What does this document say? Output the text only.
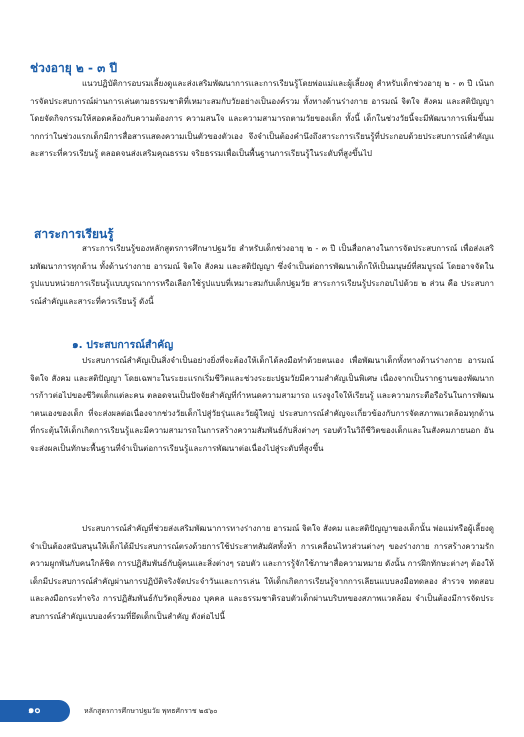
ช่วงอายุ ๒ - ๓ ปี

แนวปฏิบัติการอบรมเลี้ยงดูและส่งเสริมพัฒนาการและการเรียนรู้โดยพ่อแม่และผู้เลี้ยงดู สำหรับเด็กช่วงอายุ ๒ - ๓ ปี เน้นการจัดประสบการณ์ผ่านการเล่นตามธรรมชาติที่เหมาะสมกับวัยอย่างเป็นองค์รวม ทั้งทางด้านร่างกาย อารมณ์ จิตใจ สังคม และสติปัญญา โดยจัดกิจกรรมให้สอดคล้องกับความต้องการ ความสนใจ และความสามารถตามวัยของเด็ก ทั้งนี้ เด็กในช่วงวัยนี้จะมีพัฒนาการเพิ่มขึ้นมากกว่าในช่วงแรกเด็กมีการสื่อสารแสดงความเป็นตัวของตัวเอง จึงจำเป็นต้องคำนึงถึงสาระการเรียนรู้ที่ประกอบด้วยประสบการณ์สำคัญและสาระที่ควรเรียนรู้ ตลอดจนส่งเสริมคุณธรรม จริยธรรมเพื่อเป็นพื้นฐานการเรียนรู้ในระดับที่สูงขึ้นไป

สาระการเรียนรู้

สาระการเรียนรู้ของหลักสูตรการศึกษาปฐมวัย สำหรับเด็กช่วงอายุ ๒ - ๓ ปี เป็นสื่อกลางในการจัดประสบการณ์ เพื่อส่งเสริมพัฒนาการทุกด้าน ทั้งด้านร่างกาย อารมณ์ จิตใจ สังคม และสติปัญญา ซึ่งจำเป็นต่อการพัฒนาเด็กให้เป็นมนุษย์ที่สมบูรณ์ โดยอาจจัดในรูปแบบหน่วยการเรียนรู้แบบบูรณาการหรือเลือกใช้รูปแบบที่เหมาะสมกับเด็กปฐมวัย สาระการเรียนรู้ประกอบไปด้วย ๒ ส่วน คือ ประสบการณ์สำคัญและสาระที่ควรเรียนรู้ ดังนี้

๑. ประสบการณ์สำคัญ

ประสบการณ์สำคัญเป็นสิ่งจำเป็นอย่างยิ่งที่จะต้องให้เด็กได้ลงมือทำด้วยตนเอง เพื่อพัฒนาเด็กทั้งทางด้านร่างกาย อารมณ์ จิตใจ สังคม และสติปัญญา โดยเฉพาะในระยะแรกเริ่มชีวิตและช่วงระยะปฐมวัยมีความสำคัญเป็นพิเศษ เนื่องจากเป็นรากฐานของพัฒนาการก้าวต่อไปของชีวิตเด็กแต่ละคน ตลอดจนเป็นปัจจัยสำคัญที่กำหนดความสามารถ แรงจูงใจให้เรียนรู้ และความกระตือรือร้นในการพัฒนาตนเองของเด็ก ที่จะส่งผลต่อเนื่องจากช่วงวัยเด็กไปสู่วัยรุ่นและวัยผู้ใหญ่ ประสบการณ์สำคัญจะเกี่ยวข้องกับการจัดสภาพแวดล้อมทุกด้านที่กระตุ้นให้เด็กเกิดการเรียนรู้และมีความสามารถในการสร้างความสัมพันธ์กับสิ่งต่างๆ รอบตัวในวิถีชีวิตของเด็กและในสังคมภายนอก อันจะส่งผลเป็นทักษะพื้นฐานที่จำเป็นต่อการเรียนรู้และการพัฒนาต่อเนื่องไปสู่ระดับที่สูงขึ้น

ประสบการณ์สำคัญที่ช่วยส่งเสริมพัฒนาการทางร่างกาย อารมณ์ จิตใจ สังคม และสติปัญญาของเด็กนั้น พ่อแม่หรือผู้เลี้ยงดูจำเป็นต้องสนับสนุนให้เด็กได้มีประสบการณ์ตรงด้วยการใช้ประสาทสัมผัสทั้งห้า การเคลื่อนไหวส่วนต่างๆ ของร่างกาย การสร้างความรัก ความผูกพันกับคนใกล้ชิด การปฏิสัมพันธ์กับผู้คนและสิ่งต่างๆ รอบตัว และการรู้จักใช้ภาษาสื่อความหมาย ดังนั้น การฝึกทักษะต่างๆ ต้องให้เด็กมีประสบการณ์สำคัญผ่านการปฏิบัติจริงจัดประจำวันและการเล่น ให้เด็กเกิดการเรียนรู้จากการเลียนแบบลงมือทดลอง สำรวจ ทดสอบ และลงมือกระทำจริง การปฏิสัมพันธ์กับวัตถุสิ่งของ บุคคล และธรรมชาติรอบตัวเด็กผ่านบริบทของสภาพแวดล้อม จำเป็นต้องมีการจัดประสบการณ์สำคัญแบบองค์รวมที่ยึดเด็กเป็นสำคัญ ดังต่อไปนี้

๑๐	หลักสูตรการศึกษาปฐมวัย พุทธศักราช ๒๕๖๐
